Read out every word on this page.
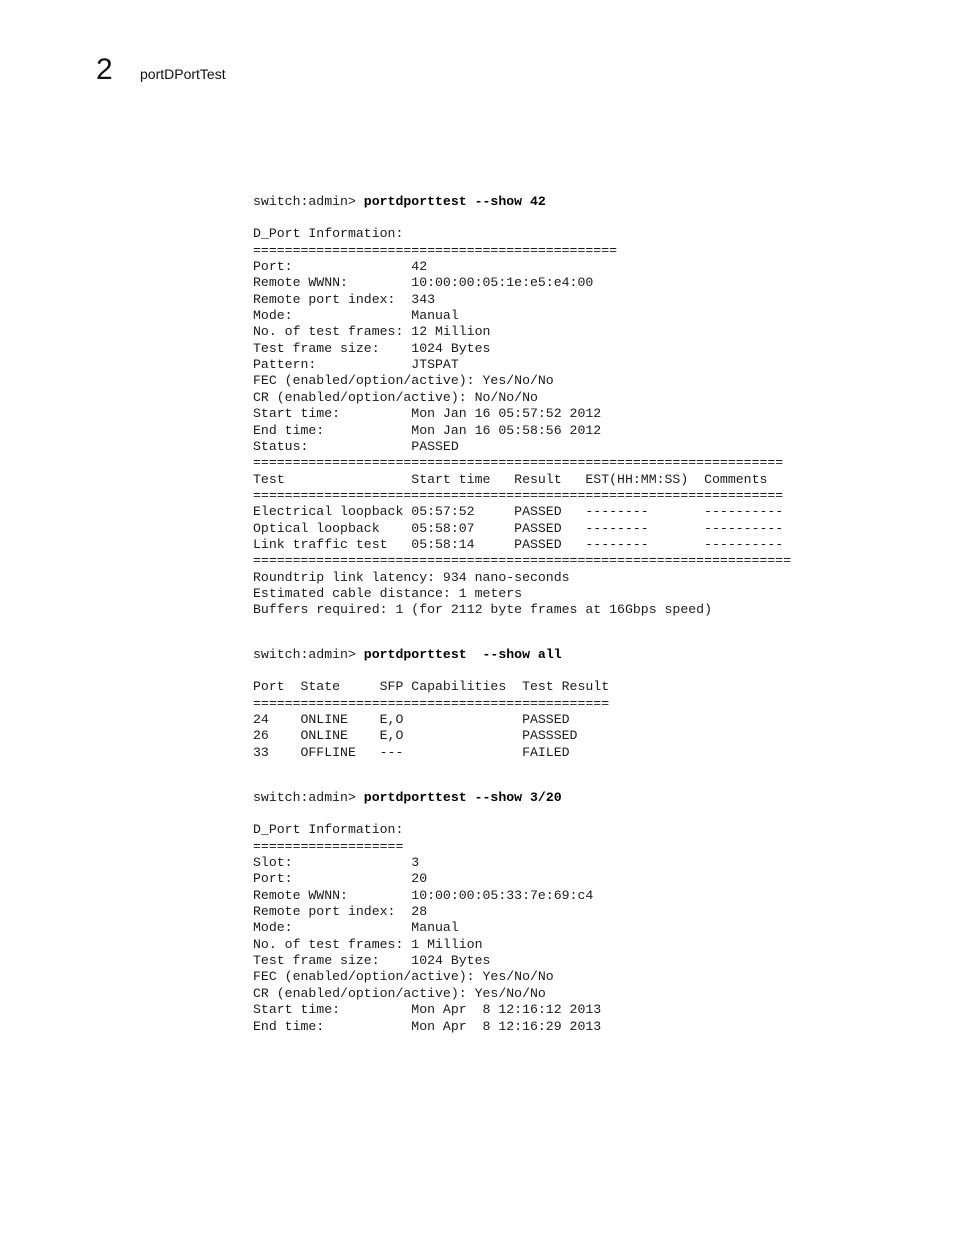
2 portDPortTest

switch:admin> portdporttest --show 42

D_Port Information:
==============================================
Port:               42
Remote WWNN:        10:00:00:05:1e:e5:e4:00
Remote port index:  343
Mode:               Manual
No. of test frames: 12 Million
Test frame size:    1024 Bytes
Pattern:            JTSPAT
FEC (enabled/option/active): Yes/No/No
CR (enabled/option/active): No/No/No
Start time:         Mon Jan 16 05:57:52 2012
End time:           Mon Jan 16 05:58:56 2012
Status:             PASSED
===================================================================
Test                Start time   Result   EST(HH:MM:SS)  Comments
===================================================================
Electrical loopback 05:57:52     PASSED   --------       ----------
Optical loopback    05:58:07     PASSED   --------       ----------
Link traffic test   05:58:14     PASSED   --------       ----------
====================================================================
Roundtrip link latency: 934 nano-seconds
Estimated cable distance: 1 meters
Buffers required: 1 (for 2112 byte frames at 16Gbps speed)

switch:admin> portdporttest  --show all

Port  State     SFP Capabilities  Test Result
=============================================
24    ONLINE    E,O               PASSED
26    ONLINE    E,O               PASSSED
33    OFFLINE   ---               FAILED

switch:admin> portdporttest --show 3/20

D_Port Information:
===================
Slot:               3
Port:               20
Remote WWNN:        10:00:00:05:33:7e:69:c4
Remote port index:  28
Mode:               Manual
No. of test frames: 1 Million
Test frame size:    1024 Bytes
FEC (enabled/option/active): Yes/No/No
CR (enabled/option/active): Yes/No/No
Start time:         Mon Apr  8 12:16:12 2013
End time:           Mon Apr  8 12:16:29 2013
